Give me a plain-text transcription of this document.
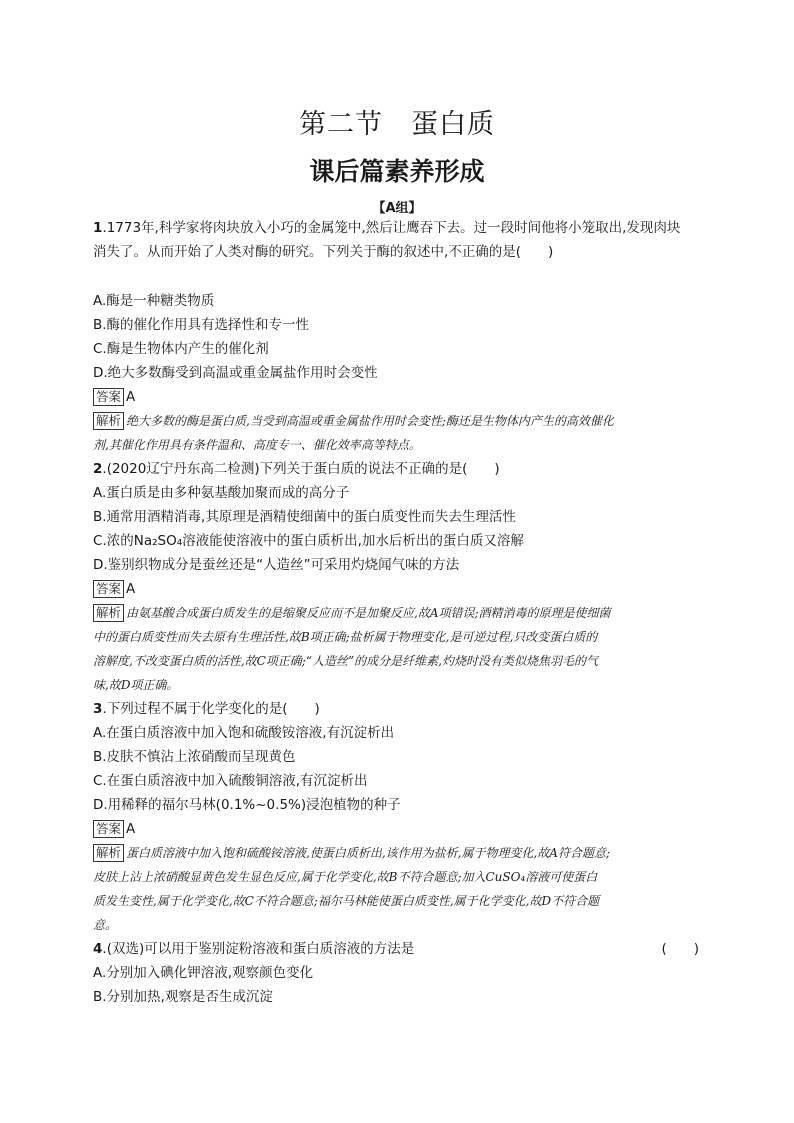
第二节　蛋白质
课后篇素养形成
【A组】
1.1773年,科学家将肉块放入小巧的金属笼中,然后让鹰吞下去。过一段时间他将小笼取出,发现肉块
消失了。从而开始了人类对酶的研究。下列关于酶的叙述中,不正确的是(　　)
A.酶是一种糖类物质
B.酶的催化作用具有选择性和专一性
C.酶是生物体内产生的催化剂
D.绝大多数酶受到高温或重金属盐作用时会变性
答案 A
解析 绝大多数的酶是蛋白质,当受到高温或重金属盐作用时会变性;酶还是生物体内产生的高效催化
剂,其催化作用具有条件温和、高度专一、催化效率高等特点。
2.(2020辽宁丹东高二检测)下列关于蛋白质的说法不正确的是(　　)
A.蛋白质是由多种氨基酸加聚而成的高分子
B.通常用酒精消毒,其原理是酒精使细菌中的蛋白质变性而失去生理活性
C.浓的Na₂SO₄溶液能使溶液中的蛋白质析出,加水后析出的蛋白质又溶解
D.鉴别织物成分是蚕丝还是“人造丝”可采用灼烧闻气味的方法
答案 A
解析 由氨基酸合成蛋白质发生的是缩聚反应而不是加聚反应,故A项错误;酒精消毒的原理是使细菌
中的蛋白质变性而失去原有生理活性,故B项正确;盐析属于物理变化,是可逆过程,只改变蛋白质的
溶解度,不改变蛋白质的活性,故C项正确;“人造丝”的成分是纤维素,灼烧时没有类似烧焦羽毛的气
味,故D项正确。
3.下列过程不属于化学变化的是(　　)
A.在蛋白质溶液中加入饱和硫酸铵溶液,有沉淀析出
B.皮肤不慎沾上浓硝酸而呈现黄色
C.在蛋白质溶液中加入硫酸铜溶液,有沉淀析出
D.用稀释的福尔马林(0.1%~0.5%)浸泡植物的种子
答案 A
解析 蛋白质溶液中加入饱和硫酸铵溶液,使蛋白质析出,该作用为盐析,属于物理变化,故A符合题意;
皮肤上沾上浓硝酸显黄色发生显色反应,属于化学变化,故B不符合题意;加入CuSO₄溶液可使蛋白
质发生变性,属于化学变化,故C不符合题意;福尔马林能使蛋白质变性,属于化学变化,故D不符合题
意。
4.(双选)可以用于鉴别淀粉溶液和蛋白质溶液的方法是	(　　)
A.分别加入碘化钾溶液,观察颜色变化
B.分别加热,观察是否生成沉淀
